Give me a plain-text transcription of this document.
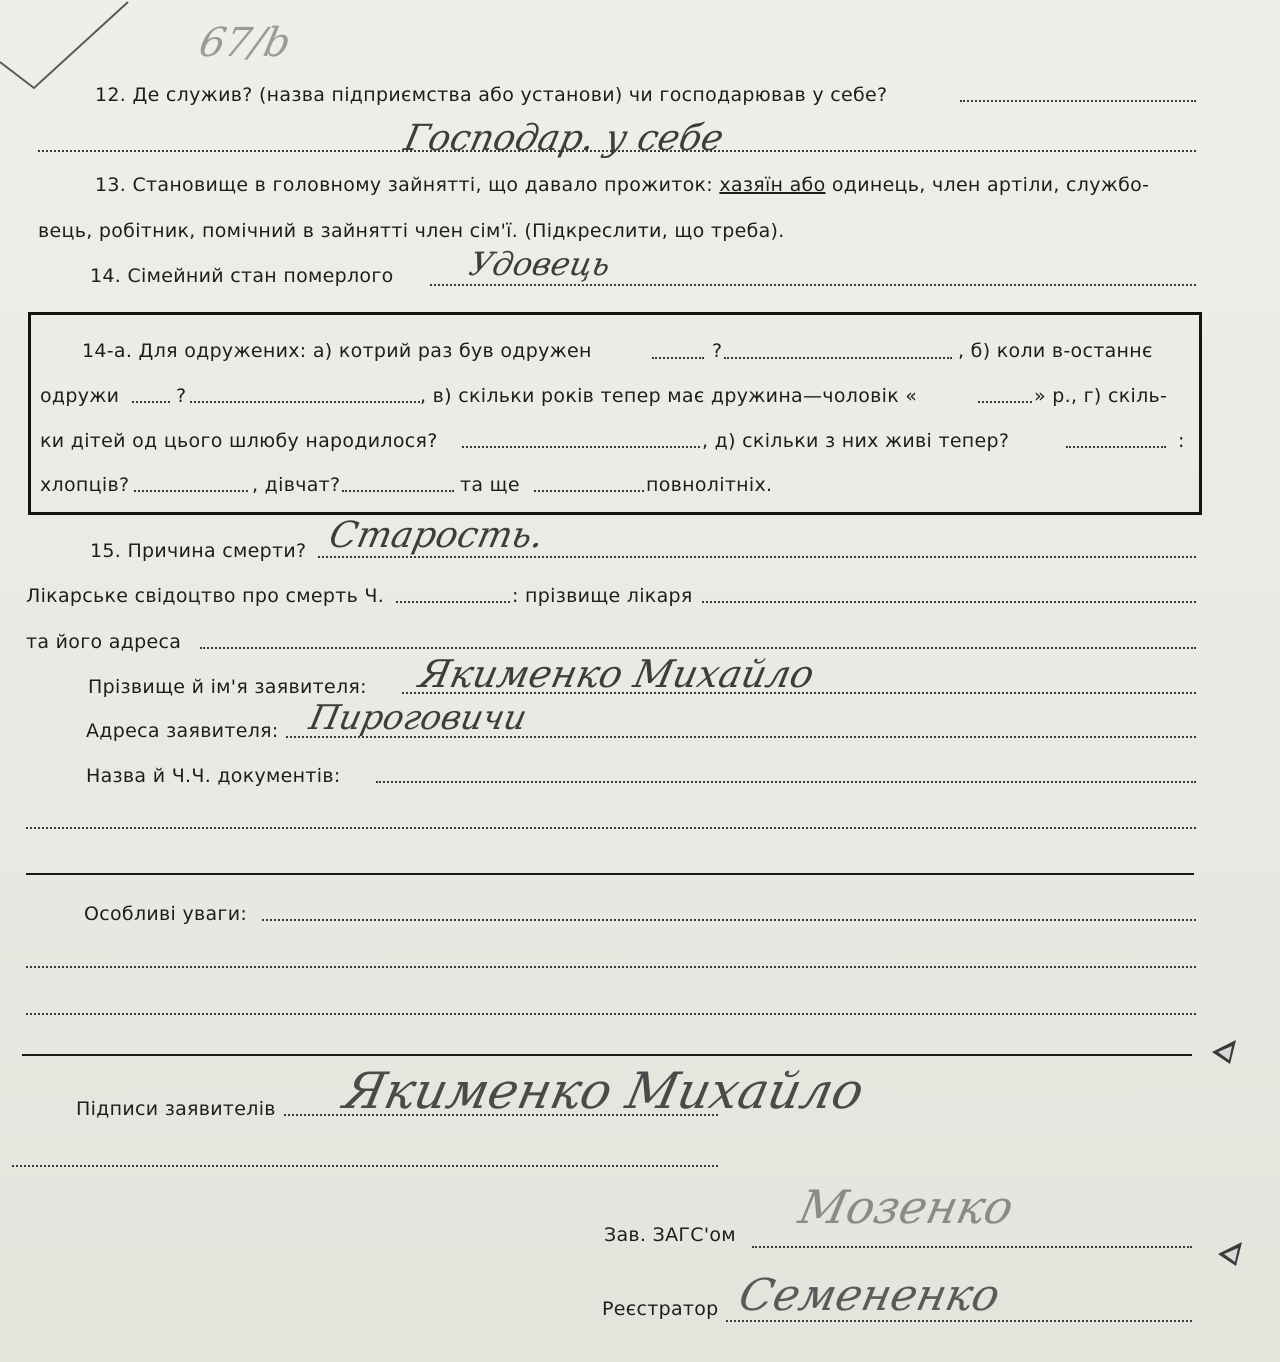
67/b
12. Де служив? (назва підприємства або установи) чи господарював у себе?
Господар. у себе
13. Становище в головному зайнятті, що давало прожиток: хазяїн або одинець, член артіли, службо-
вець, робітник, помічний в зайнятті член сім'ї. (Підкреслити, що треба).
14. Сімейний стан померлого Удовець
14-а. Для одружених: а) котрий раз був одружен	?	, б) коли в-останнє
одружи	?	, в) скільки років тепер має дружина—чоловік «	» р., г) скіль-
ки дітей од цього шлюбу народилося?	, д) скільки з них живі тепер?	:
хлопців?	, дівчат?	та ще	повнолітніх.
15. Причина смерти? Старость.
Лікарське свідоцтво про смерть Ч.	: прізвище лікаря
та його адреса
Прізвище й ім'я заявителя: Якименко Михайло
Адреса заявителя: Пироговичи
Назва й Ч.Ч. документів:
Особливі уваги:
Підписи заявителів Якименко Михайло
Зав. ЗАГС'ом
Мозенко
Реєстратор Семененко
